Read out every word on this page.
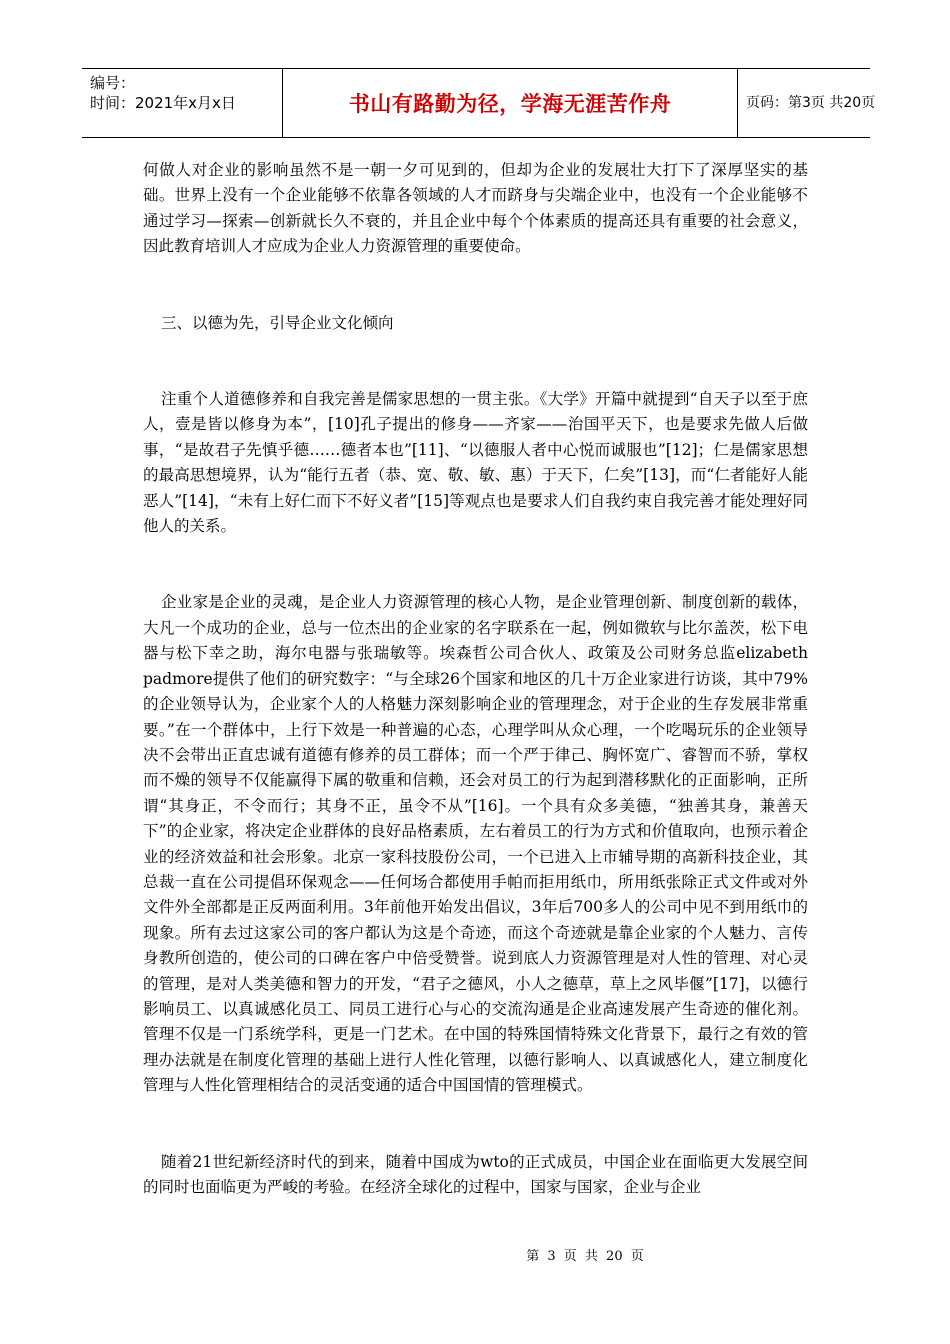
编号：
时间：2021年x月x日	书山有路勤为径，学海无涯苦作舟	页码：第3页 共20页

何做人对企业的影响虽然不是一朝一夕可见到的，但却为企业的发展壮大打下了深厚坚实的基础。世界上没有一个企业能够不依靠各领域的人才而跻身与尖端企业中，也没有一个企业能够不通过学习—探索—创新就长久不衰的，并且企业中每个个体素质的提高还具有重要的社会意义，因此教育培训人才应成为企业人力资源管理的重要使命。

三、以德为先，引导企业文化倾向

注重个人道德修养和自我完善是儒家思想的一贯主张。《大学》开篇中就提到“自天子以至于庶人，壹是皆以修身为本”，[10]孔子提出的修身——齐家——治国平天下，也是要求先做人后做事，“是故君子先慎乎德……德者本也”[11]、“以德服人者中心悦而诚服也”[12]；仁是儒家思想的最高思想境界，认为“能行五者（恭、宽、敬、敏、惠）于天下，仁矣”[13]，而“仁者能好人能恶人”[14]，“未有上好仁而下不好义者”[15]等观点也是要求人们自我约束自我完善才能处理好同他人的关系。

企业家是企业的灵魂，是企业人力资源管理的核心人物，是企业管理创新、制度创新的载体，大凡一个成功的企业，总与一位杰出的企业家的名字联系在一起，例如微软与比尔盖茨，松下电器与松下幸之助，海尔电器与张瑞敏等。埃森哲公司合伙人、政策及公司财务总监elizabeth padmore提供了他们的研究数字：“与全球26个国家和地区的几十万企业家进行访谈，其中79%的企业领导认为，企业家个人的人格魅力深刻影响企业的管理理念，对于企业的生存发展非常重要。”在一个群体中，上行下效是一种普遍的心态，心理学叫从众心理，一个吃喝玩乐的企业领导决不会带出正直忠诚有道德有修养的员工群体；而一个严于律己、胸怀宽广、睿智而不骄，掌权而不燥的领导不仅能赢得下属的敬重和信赖，还会对员工的行为起到潜移默化的正面影响，正所谓“其身正，不令而行；其身不正，虽令不从”[16]。一个具有众多美德，“独善其身，兼善天下”的企业家，将决定企业群体的良好品格素质，左右着员工的行为方式和价值取向，也预示着企业的经济效益和社会形象。北京一家科技股份公司，一个已进入上市辅导期的高新科技企业，其总裁一直在公司提倡环保观念——任何场合都使用手帕而拒用纸巾，所用纸张除正式文件或对外文件外全部都是正反两面利用。3年前他开始发出倡议，3年后700多人的公司中见不到用纸巾的现象。所有去过这家公司的客户都认为这是个奇迹，而这个奇迹就是靠企业家的个人魅力、言传身教所创造的，使公司的口碑在客户中倍受赞誉。说到底人力资源管理是对人性的管理、对心灵的管理，是对人类美德和智力的开发，“君子之德风，小人之德草，草上之风毕偃”[17]，以德行影响员工、以真诚感化员工、同员工进行心与心的交流沟通是企业高速发展产生奇迹的催化剂。管理不仅是一门系统学科，更是一门艺术。在中国的特殊国情特殊文化背景下，最行之有效的管理办法就是在制度化管理的基础上进行人性化管理，以德行影响人、以真诚感化人，建立制度化管理与人性化管理相结合的灵活变通的适合中国国情的管理模式。

随着21世纪新经济时代的到来，随着中国成为wto的正式成员，中国企业在面临更大发展空间的同时也面临更为严峻的考验。在经济全球化的过程中，国家与国家，企业与企业

第 3 页 共 20 页
